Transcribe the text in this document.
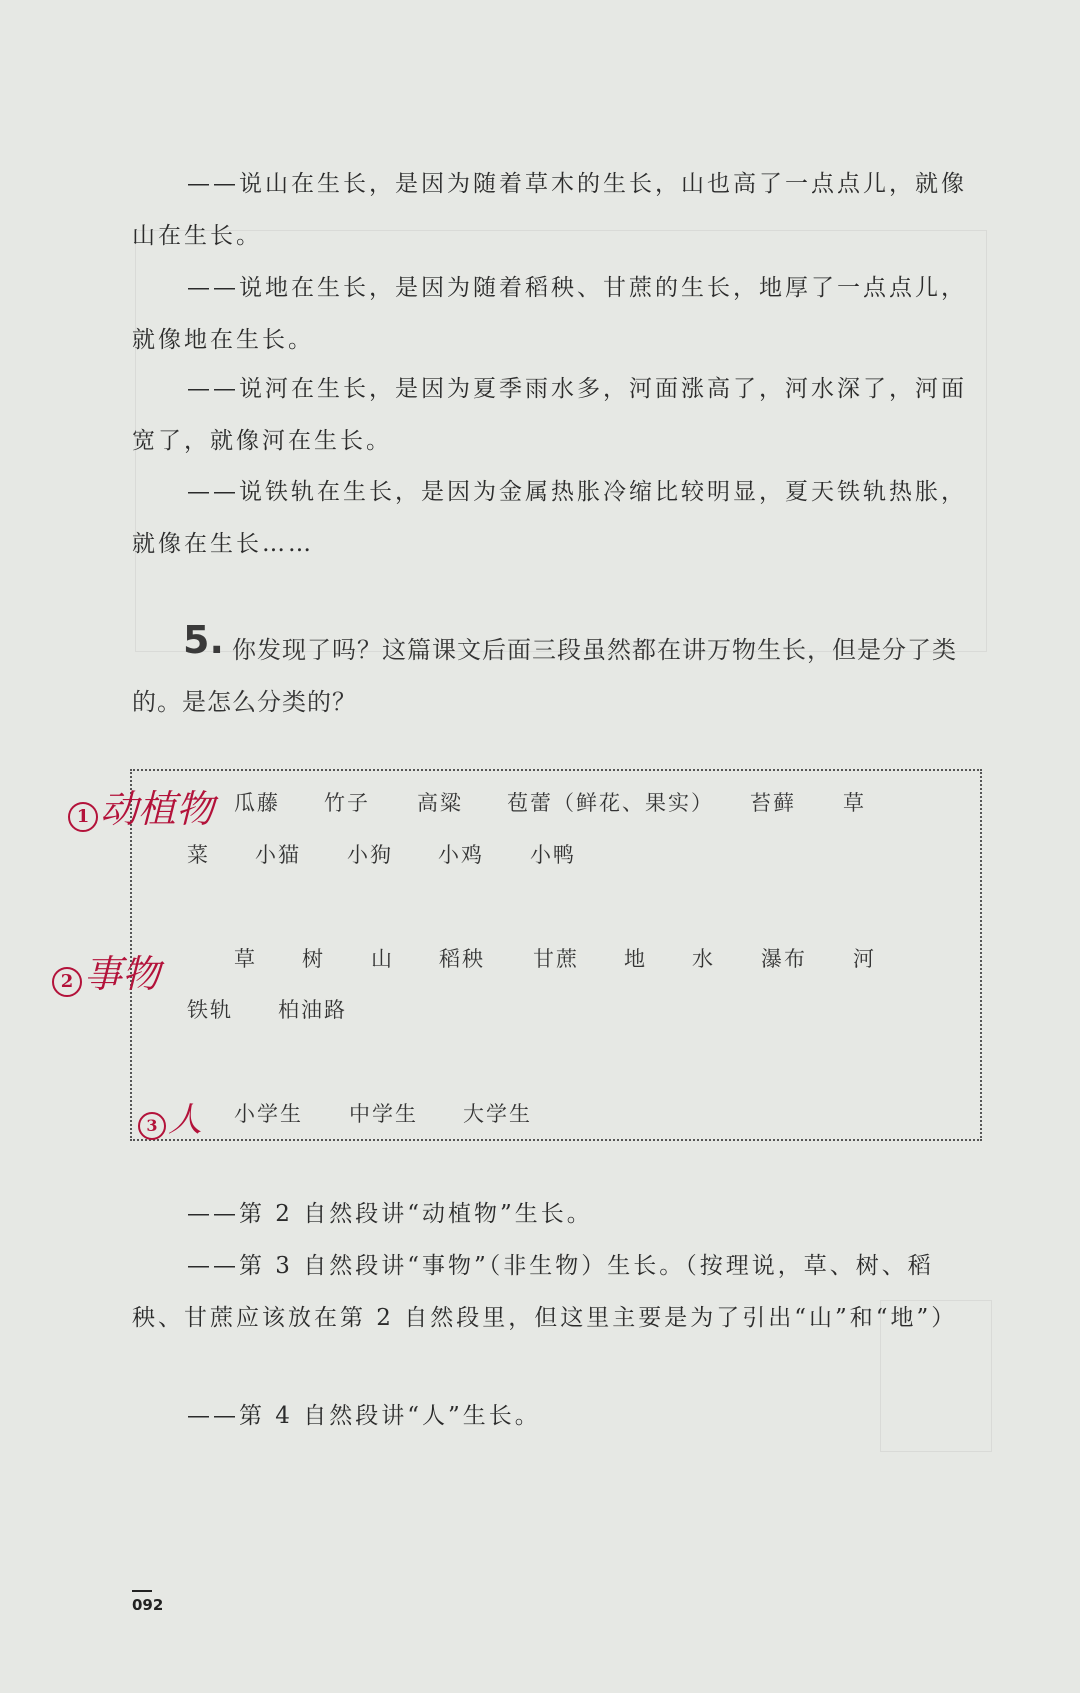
——说山在生长，是因为随着草木的生长，山也高了一点点儿，就像山在生长。

——说地在生长，是因为随着稻秧、甘蔗的生长，地厚了一点点儿，就像地在生长。

——说河在生长，是因为夏季雨水多，河面涨高了，河水深了，河面宽了，就像河在生长。

——说铁轨在生长，是因为金属热胀冷缩比较明显，夏天铁轨热胀，就像在生长……

5. 你发现了吗？这篇课文后面三段虽然都在讲万物生长，但是分了类的。是怎么分类的？

1 动植物 瓜藤 竹子 高粱 苞蕾（鲜花、果实） 苔藓 草
菜 小猫 小狗 小鸡 小鸭
2 事物	草 树 山 稻秧 甘蔗 地 水 瀑布 河
铁轨 柏油路
3 人 小学生 中学生 大学生

——第 2 自然段讲“动植物”生长。

——第 3 自然段讲“事物”（非生物）生长。（按理说，草、树、稻秧、甘蔗应该放在第 2 自然段里，但这里主要是为了引出“山”和“地”）

——第 4 自然段讲“人”生长。

092
